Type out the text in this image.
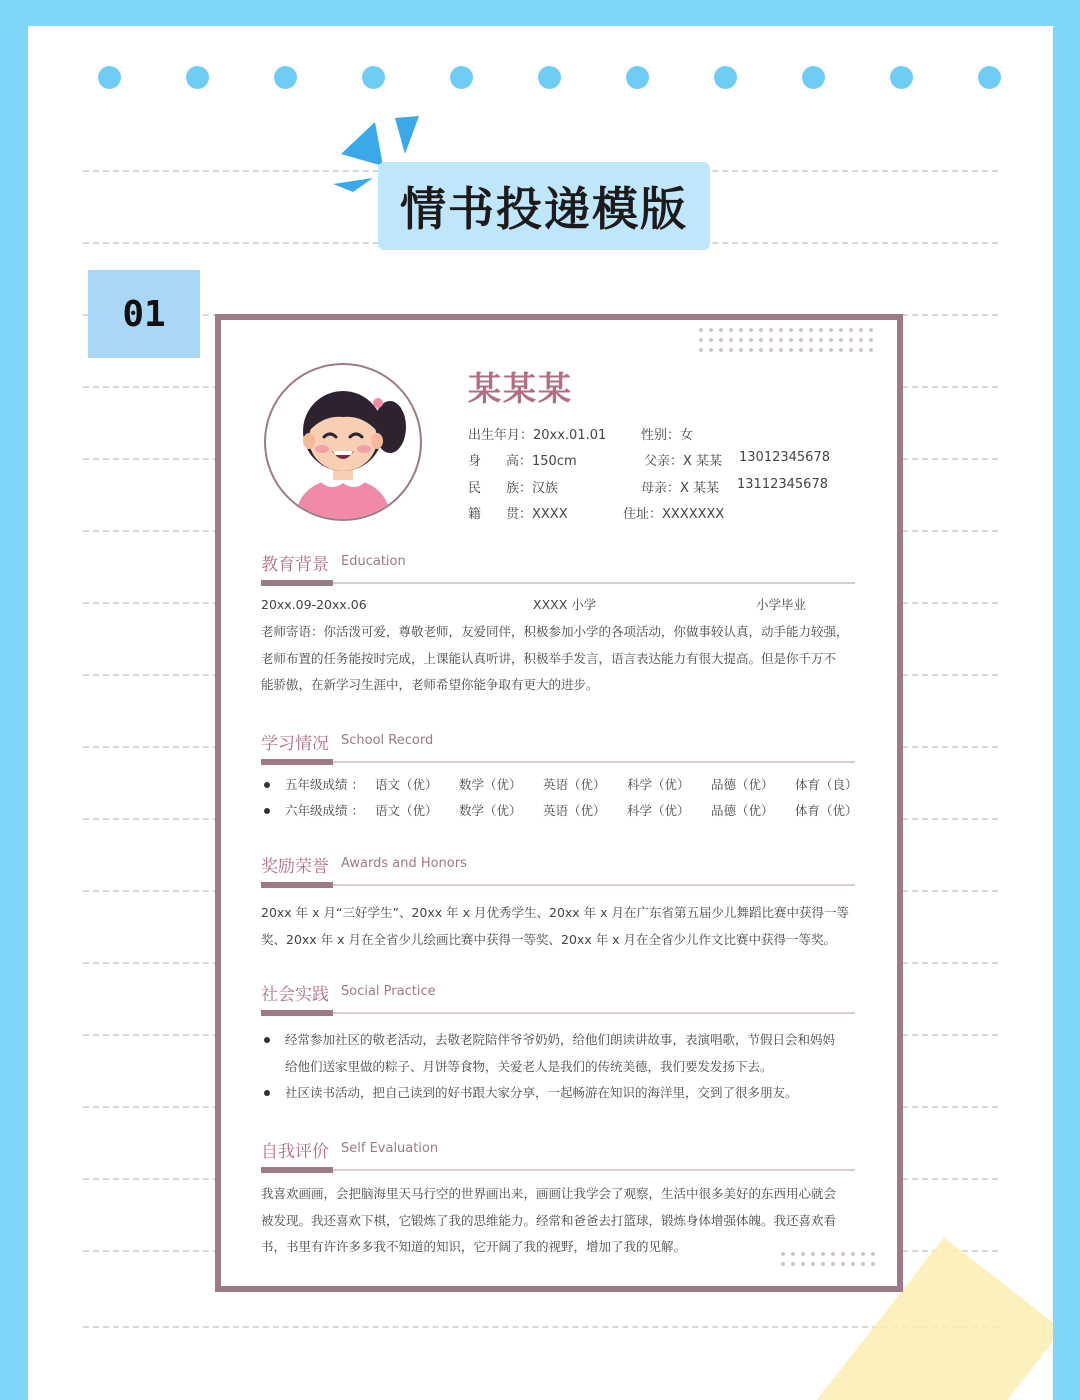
情书投递模版
01
某某某
出生年月：20xx.01.01	性别：女
身 高：150cm	父亲：X 某某 13012345678
民 族：汉族	母亲：X 某某 13112345678
籍 贯：XXXX	住址：XXXXXXX
教育背景 Education
20xx.09-20xx.06	XXXX 小学	小学毕业
老师寄语：你活泼可爱，尊敬老师，友爱同伴，积极参加小学的各项活动，你做事较认真，动手能力较强，
老师布置的任务能按时完成，上课能认真听讲，积极举手发言，语言表达能力有很大提高。但是你千万不
能骄傲，在新学习生涯中，老师希望你能争取有更大的进步。
学习情况 School Record
五年级成绩 ： 语文（优） 数学（优） 英语（优） 科学（优） 品德（优） 体育（良）
六年级成绩 ： 语文（优） 数学（优） 英语（优） 科学（优） 品德（优） 体育（优）
奖励荣誉 Awards and Honors
20xx 年 x 月“三好学生”、20xx 年 x 月优秀学生、20xx 年 x 月在广东省第五届少儿舞蹈比赛中获得一等
奖、20xx 年 x 月在全省少儿绘画比赛中获得一等奖、20xx 年 x 月在全省少儿作文比赛中获得一等奖。
社会实践 Social Practice
经常参加社区的敬老活动，去敬老院陪伴爷爷奶奶，给他们朗读讲故事，表演唱歌，节假日会和妈妈
给他们送家里做的粽子、月饼等食物，关爱老人是我们的传统美德，我们要发发扬下去。
社区读书活动，把自己读到的好书跟大家分享，一起畅游在知识的海洋里，交到了很多朋友。
自我评价 Self Evaluation
我喜欢画画，会把脑海里天马行空的世界画出来，画画让我学会了观察，生活中很多美好的东西用心就会
被发现。我还喜欢下棋，它锻炼了我的思维能力。经常和爸爸去打篮球，锻炼身体增强体魄。我还喜欢看
书，书里有许许多多我不知道的知识，它开阔了我的视野，增加了我的见解。
